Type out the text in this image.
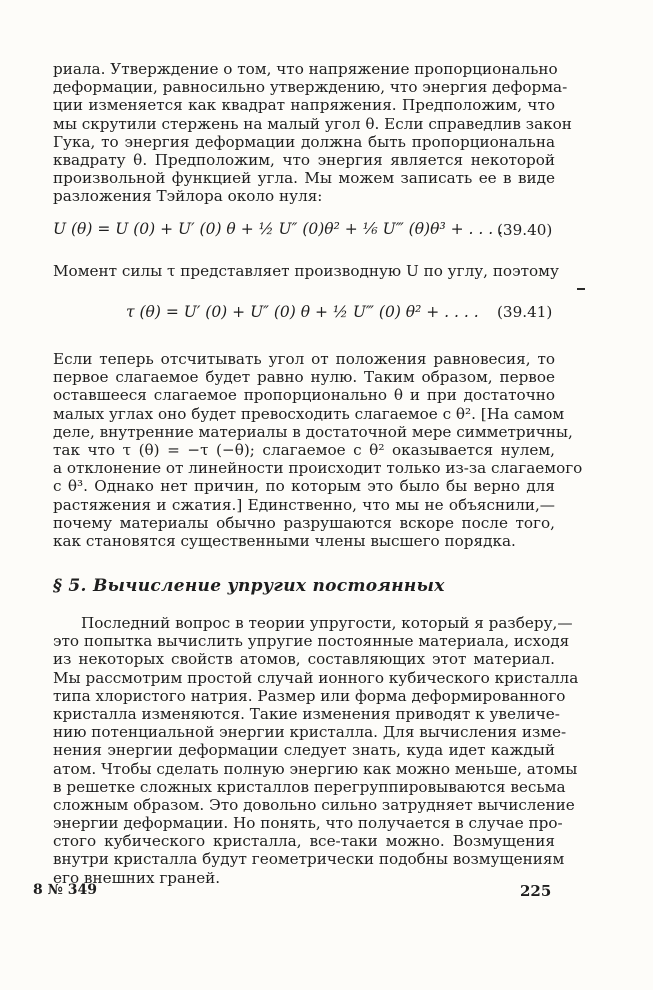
риала. Утверждение о том, что напряжение пропорционально
деформации, равносильно утверждению, что энергия деформа-
ции изменяется как квадрат напряжения. Предположим, что
мы скрутили стержень на малый угол θ. Если справедлив закон
Гука, то энергия деформации должна быть пропорциональна
квадрату θ. Предположим, что энергия является некоторой
произвольной функцией угла. Мы можем записать ее в виде
разложения Тэйлора около нуля:
U (θ) = U (0) + U′ (0) θ + ½ U″ (0)θ² + ⅙ U‴ (θ)θ³ + . . . .
(39.40)
Момент силы τ представляет производную U по углу, поэтому
τ (θ) = U′ (0) + U″ (0) θ + ½ U‴ (0) θ² + . . . . (39.41)
Если теперь отсчитывать угол от положения равновесия, то
первое слагаемое будет равно нулю. Таким образом, первое
оставшееся слагаемое пропорционально θ и при достаточно
малых углах оно будет превосходить слагаемое с θ². [На самом
деле, внутренние материалы в достаточной мере симметричны,
так что τ (θ) = −τ (−θ); слагаемое с θ² оказывается нулем,
а отклонение от линейности происходит только из-за слагаемого
с θ³. Однако нет причин, по которым это было бы верно для
растяжения и сжатия.] Единственно, что мы не объяснили,—
почему материалы обычно разрушаются вскоре после того,
как становятся существенными члены высшего порядка.
§ 5. Вычисление упругих постоянных
Последний вопрос в теории упругости, который я разберу,—
это попытка вычислить упругие постоянные материала, исходя
из некоторых свойств атомов, составляющих этот материал.
Мы рассмотрим простой случай ионного кубического кристалла
типа хлористого натрия. Размер или форма деформированного
кристалла изменяются. Такие изменения приводят к увеличе-
нию потенциальной энергии кристалла. Для вычисления изме-
нения энергии деформации следует знать, куда идет каждый
атом. Чтобы сделать полную энергию как можно меньше, атомы
в решетке сложных кристаллов перегруппировываются весьма
сложным образом. Это довольно сильно затрудняет вычисление
энергии деформации. Но понять, что получается в случае про-
стого кубического кристалла, все-таки можно. Возмущения
внутри кристалла будут геометрически подобны возмущениям
его внешних граней.
8 № 349	225
